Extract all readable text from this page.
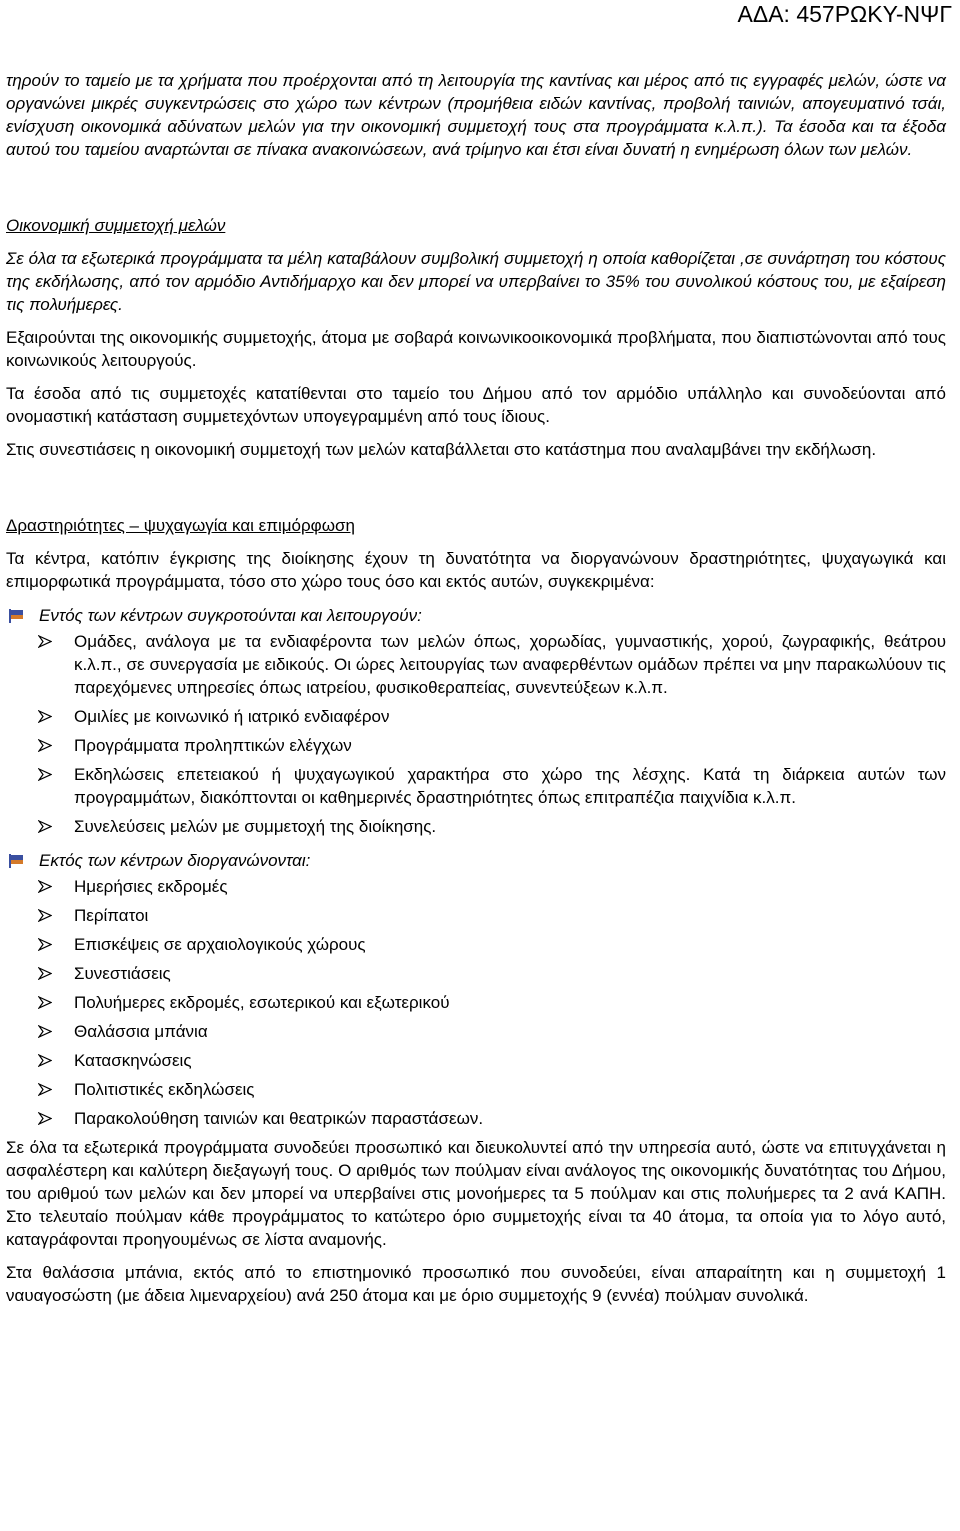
ΑΔΑ: 457ΡΩΚΥ-ΝΨΓ

τηρούν το ταμείο με τα χρήματα που προέρχονται από τη λειτουργία της καντίνας και μέρος από τις εγγραφές μελών, ώστε να οργανώνει μικρές συγκεντρώσεις στο χώρο των κέντρων (προμήθεια ειδών καντίνας, προβολή ταινιών, απογευματινό τσάι, ενίσχυση οικονομικά αδύνατων μελών για την οικονομική συμμετοχή τους στα προγράμματα κ.λ.π.). Τα έσοδα και τα έξοδα αυτού του ταμείου αναρτώνται σε πίνακα ανακοινώσεων, ανά τρίμηνο και έτσι είναι δυνατή η ενημέρωση όλων των μελών.

Οικονομική συμμετοχή μελών

Σε όλα τα εξωτερικά προγράμματα τα μέλη καταβάλουν συμβολική συμμετοχή η οποία καθορίζεται ,σε συνάρτηση του κόστους της εκδήλωσης, από τον αρμόδιο Αντιδήμαρχο και δεν μπορεί να υπερβαίνει το 35% του συνολικού κόστους του, με εξαίρεση τις πολυήμερες.

Εξαιρούνται της οικονομικής συμμετοχής, άτομα με σοβαρά κοινωνικοοικονομικά προβλήματα, που διαπιστώνονται από τους κοινωνικούς λειτουργούς.

Τα έσοδα από τις συμμετοχές κατατίθενται στο ταμείο του Δήμου από τον αρμόδιο υπάλληλο και συνοδεύονται από ονομαστική κατάσταση συμμετεχόντων υπογεγραμμένη από τους ίδιους.

Στις συνεστιάσεις η οικονομική συμμετοχή των μελών καταβάλλεται στο κατάστημα που αναλαμβάνει την εκδήλωση.

Δραστηριότητες – ψυχαγωγία και επιμόρφωση

Τα κέντρα, κατόπιν έγκρισης της διοίκησης έχουν τη δυνατότητα να διοργανώνουν δραστηριότητες, ψυχαγωγικά και επιμορφωτικά προγράμματα, τόσο στο χώρο τους όσο και εκτός αυτών, συγκεκριμένα:

Εντός των κέντρων συγκροτούνται και λειτουργούν:
Ομάδες, ανάλογα με τα ενδιαφέροντα των μελών όπως, χορωδίας, γυμναστικής, χορού, ζωγραφικής, θεάτρου κ.λ.π., σε συνεργασία με ειδικούς. Οι ώρες λειτουργίας των αναφερθέντων ομάδων πρέπει να μην παρακωλύουν τις παρεχόμενες υπηρεσίες όπως ιατρείου, φυσικοθεραπείας, συνεντεύξεων κ.λ.π.
Ομιλίες με κοινωνικό ή ιατρικό ενδιαφέρον
Προγράμματα προληπτικών ελέγχων
Εκδηλώσεις επετειακού ή ψυχαγωγικού χαρακτήρα στο χώρο της λέσχης. Κατά τη διάρκεια αυτών των προγραμμάτων, διακόπτονται οι καθημερινές δραστηριότητες όπως επιτραπέζια παιχνίδια κ.λ.π.
Συνελεύσεις μελών με συμμετοχή της διοίκησης.
Εκτός των κέντρων διοργανώνονται:
Ημερήσιες εκδρομές
Περίπατοι
Επισκέψεις σε αρχαιολογικούς χώρους
Συνεστιάσεις
Πολυήμερες εκδρομές, εσωτερικού και εξωτερικού
Θαλάσσια μπάνια
Κατασκηνώσεις
Πολιτιστικές εκδηλώσεις
Παρακολούθηση ταινιών και θεατρικών παραστάσεων.

Σε όλα τα εξωτερικά προγράμματα συνοδεύει προσωπικό και διευκολυντεί από την υπηρεσία αυτό, ώστε να επιτυγχάνεται η ασφαλέστερη και καλύτερη διεξαγωγή τους. Ο αριθμός των πούλμαν είναι ανάλογος της οικονομικής δυνατότητας του Δήμου, του αριθμού των μελών και δεν μπορεί να υπερβαίνει στις μονοήμερες τα 5 πούλμαν και στις πολυήμερες τα 2 ανά ΚΑΠΗ. Στο τελευταίο πούλμαν κάθε προγράμματος το κατώτερο όριο συμμετοχής είναι τα 40 άτομα, τα οποία για το λόγο αυτό, καταγράφονται προηγουμένως σε λίστα αναμονής.

Στα θαλάσσια μπάνια, εκτός από το επιστημονικό προσωπικό που συνοδεύει, είναι απαραίτητη και η συμμετοχή 1 ναυαγοσώστη (με άδεια λιμεναρχείου) ανά 250 άτομα και με όριο συμμετοχής 9 (εννέα) πούλμαν συνολικά.
